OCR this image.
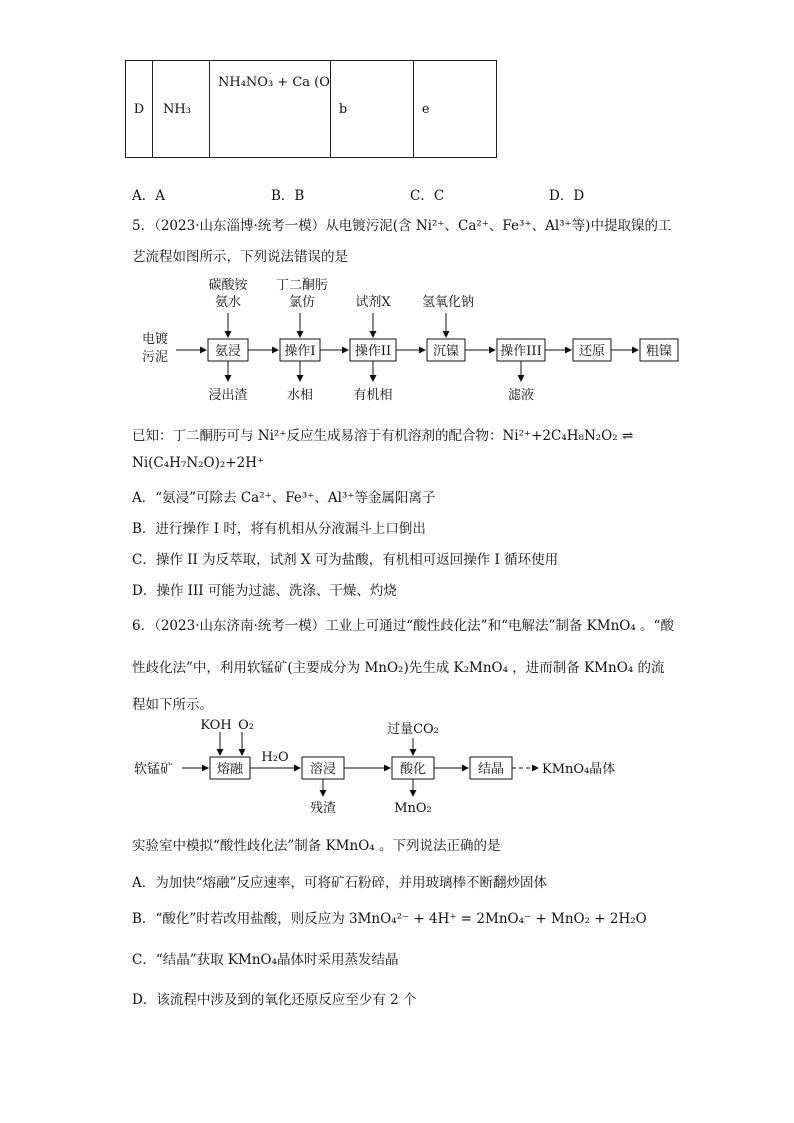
D	NH₃	NH₄NO₃ + Ca (O	b	e
A．A	B．B	C．C	D．D
5．（2023·山东淄博·统考一模）从电镀污泥(含 Ni²⁺、Ca²⁺、Fe³⁺、Al³⁺等)中提取镍的工
艺流程如图所示，下列说法错误的是
电镀
污泥	氨浸	操作I	操作II	沉镍	操作III	还原	粗镍
碳酸铵
氨水
丁二酮肟
氯仿	试剂X 氢氧化钠
浸出渣	水相	有机相	滤液
已知：丁二酮肟可与 Ni²⁺反应生成易溶于有机溶剂的配合物：Ni²⁺+2C₄H₈N₂O₂ ⇌
Ni(C₄H₇N₂O)₂+2H⁺
A．“氨浸”可除去 Ca²⁺、Fe³⁺、Al³⁺等金属阳离子
B．进行操作 I 时，将有机相从分液漏斗上口倒出
C．操作 II 为反萃取，试剂 X 可为盐酸，有机相可返回操作 I 循环使用
D．操作 III 可能为过滤、洗涤、干燥、灼烧
6．（2023·山东济南·统考一模）工业上可通过“酸性歧化法”和“电解法”制备 KMnO₄ 。“酸
性歧化法”中，利用软锰矿(主要成分为 MnO₂)先生成 K₂MnO₄ ，进而制备 KMnO₄ 的流
程如下所示。
软锰矿	KMnO₄晶体
熔融	溶浸	酸化	结晶
KOH O₂	过量CO₂
H₂O
残渣	MnO₂
实验室中模拟“酸性歧化法”制备 KMnO₄ 。下列说法正确的是
A．为加快“熔融”反应速率，可将矿石粉碎，并用玻璃棒不断翻炒固体
B．“酸化”时若改用盐酸，则反应为 3MnO₄²⁻ + 4H⁺ = 2MnO₄⁻ + MnO₂ + 2H₂O
C．“结晶”获取 KMnO₄晶体时采用蒸发结晶
D．该流程中涉及到的氧化还原反应至少有 2 个
